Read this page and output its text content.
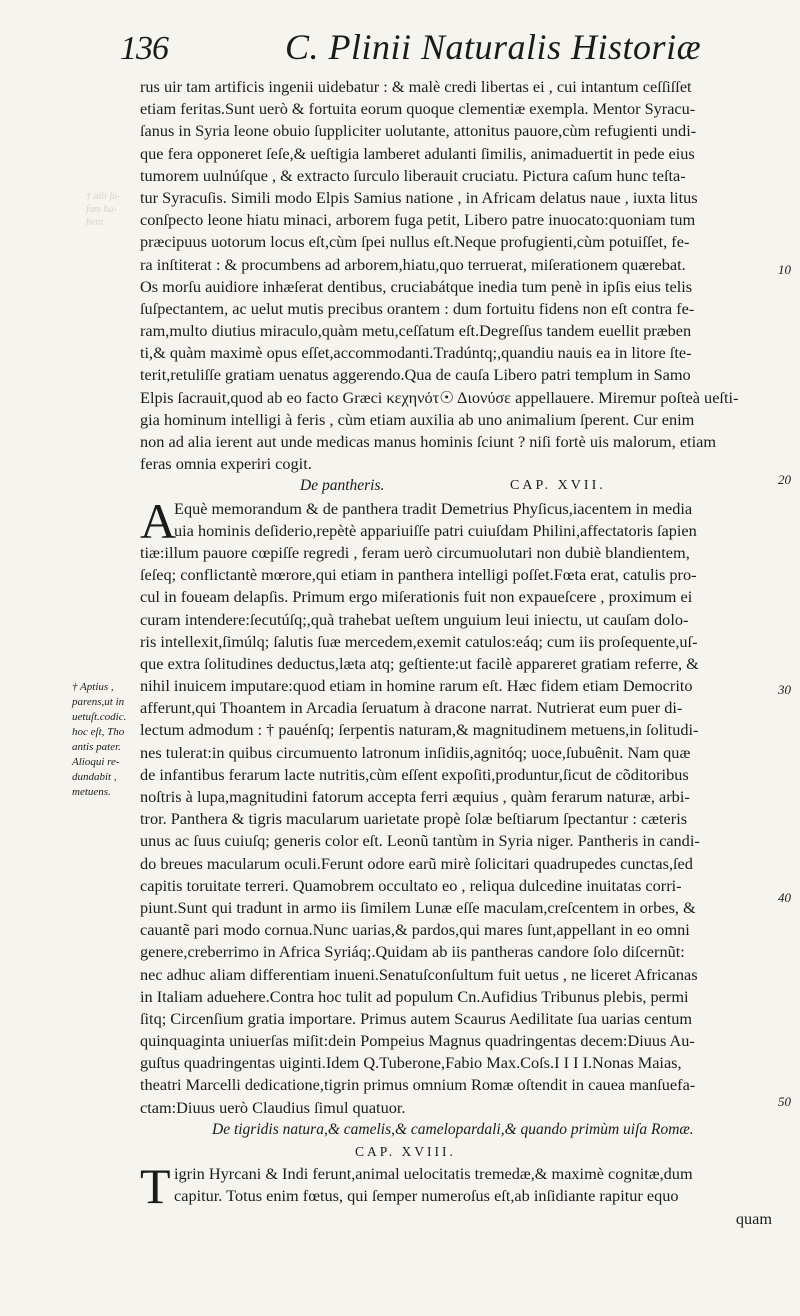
136	C. Plinii Naturalis Historiæ
† alii ſu-
ſum ha-
bent
rus uir tam artificis ingenii uidebatur : & malè credi libertas ei , cui intantum ceſſiſſet
etiam feritas.Sunt uerò & fortuita eorum quoque clementiæ exempla. Mentor Syracu-
ſanus in Syria leone obuio ſuppliciter uolutante, attonitus pauore,cùm refugienti undi-
que fera opponeret ſeſe,& ueſtigia lamberet adulanti ſimilis, animaduertit in pede eius
tumorem uulnúſque , & extracto ſurculo liberauit cruciatu. Pictura caſum hunc teſta-
tur Syracuſis. Simili modo Elpis Samius natione , in Africam delatus naue , iuxta litus
conſpecto leone hiatu minaci, arborem fuga petit, Libero patre inuocato:quoniam tum
præcipuus uotorum locus eſt,cùm ſpei nullus eſt.Neque profugienti,cùm potuiſſet, fe-
ra inſtiterat : & procumbens ad arborem,hiatu,quo terruerat, miſerationem quærebat.
Os morſu auidiore inhæſerat dentibus, cruciabátque inedia tum penè in ipſis eius telis
ſuſpectantem, ac uelut mutis precibus orantem : dum fortuitu fidens non eſt contra fe-
ram,multo diutius miraculo,quàm metu,ceſſatum eſt.Degreſſus tandem euellit præben
ti,& quàm maximè opus eſſet,accommodanti.Tradúntq;,quandiu nauis ea in litore ſte-
terit,retuliſſe gratiam uenatus aggerendo.Qua de cauſa Libero patri templum in Samo
Elpis ſacrauit,quod ab eo facto Græci κεχηνότ☉ Διονύσε appellauere. Miremur poſteà ueſti-
gia hominum intelligi à feris , cùm etiam auxilia ab uno animalium ſperent. Cur enim
non ad alia ierent aut unde medicas manus hominis ſciunt ? niſi fortè uis malorum, etiam
feras omnia experiri cogit.
De pantheris.	CAP. XVII.
A
Equè memorandum & de panthera tradit Demetrius Phyſicus,iacentem in media
uia hominis deſiderio,repètè appariuiſſe patri cuiuſdam Philini,affectatoris ſapien
tiæ:illum pauore cœpiſſe regredi , feram uerò circumuolutari non dubiè blandientem,
ſeſeq; conflictantè mœrore,qui etiam in panthera intelligi poſſet.Fœta erat, catulis pro-
cul in foueam delapſis. Primum ergo miſerationis fuit non expaueſcere , proximum ei
curam intendere:ſecutúſq;,quà trahebat ueſtem unguium leui iniectu, ut cauſam dolo-
ris intellexit,ſimúlq; ſalutis ſuæ mercedem,exemit catulos:eáq; cum iis proſequente,uſ-
que extra ſolitudines deductus,læta atq; geſtiente:ut facilè appareret gratiam referre, &
nihil inuicem imputare:quod etiam in homine rarum eſt. Hæc fidem etiam Democrito
afferunt,qui Thoantem in Arcadia ſeruatum à dracone narrat. Nutrierat eum puer di-
lectum admodum : † pauénſq; ſerpentis naturam,& magnitudinem metuens,in ſolitudi-
nes tulerat:in quibus circumuento latronum inſidiis,agnitóq; uoce,ſubuênit. Nam quæ
de infantibus ferarum lacte nutritis,cùm eſſent expoſiti,produntur,ſicut de cõditoribus
noſtris à lupa,magnitudini fatorum accepta ferri æquius , quàm ferarum naturæ, arbi-
tror. Panthera & tigris macularum uarietate propè ſolæ beſtiarum ſpectantur : cæteris
unus ac ſuus cuiuſq; generis color eſt. Leonũ tantùm in Syria niger. Pantheris in candi-
do breues macularum oculi.Ferunt odore earũ mirè ſolicitari quadrupedes cunctas,ſed
capitis toruitate terreri. Quamobrem occultato eo , reliqua dulcedine inuitatas corri-
piunt.Sunt qui tradunt in armo iis ſimilem Lunæ eſſe maculam,creſcentem in orbes, &
cauantẽ pari modo cornua.Nunc uarias,& pardos,qui mares ſunt,appellant in eo omni
genere,creberrimo in Africa Syriáq;.Quidam ab iis pantheras candore ſolo diſcernũt:
nec adhuc aliam differentiam inueni.Senatuſconſultum fuit uetus , ne liceret Africanas
in Italiam aduehere.Contra hoc tulit ad populum Cn.Aufidius Tribunus plebis, permi
ſitq; Circenſium gratia importare. Primus autem Scaurus Aedilitate ſua uarias centum
quinquaginta uniuerſas miſit:dein Pompeius Magnus quadringentas decem:Diuus Au-
guſtus quadringentas uiginti.Idem Q.Tuberone,Fabio Max.Coſs.I I I I.Nonas Maias,
theatri Marcelli dedicatione,tigrin primus omnium Romæ oſtendit in cauea manſuefa-
ctam:Diuus uerò Claudius ſimul quatuor.
De tigridis natura,& camelis,& camelopardali,& quando primùm uiſa Romæ.
CAP. XVIII.
T igrin Hyrcani & Indi ferunt,animal uelocitatis tremedæ,& maximè cognitæ,dum
capitur. Totus enim fœtus, qui ſemper numeroſus eſt,ab inſidiante rapitur equo
quam
10
20
30
40
50
† Aptius ,
parens,ut in
uetuſt.codic.
hoc eſt, Tho
antis pater.
Alioqui re-
dundabit ,
metuens.
